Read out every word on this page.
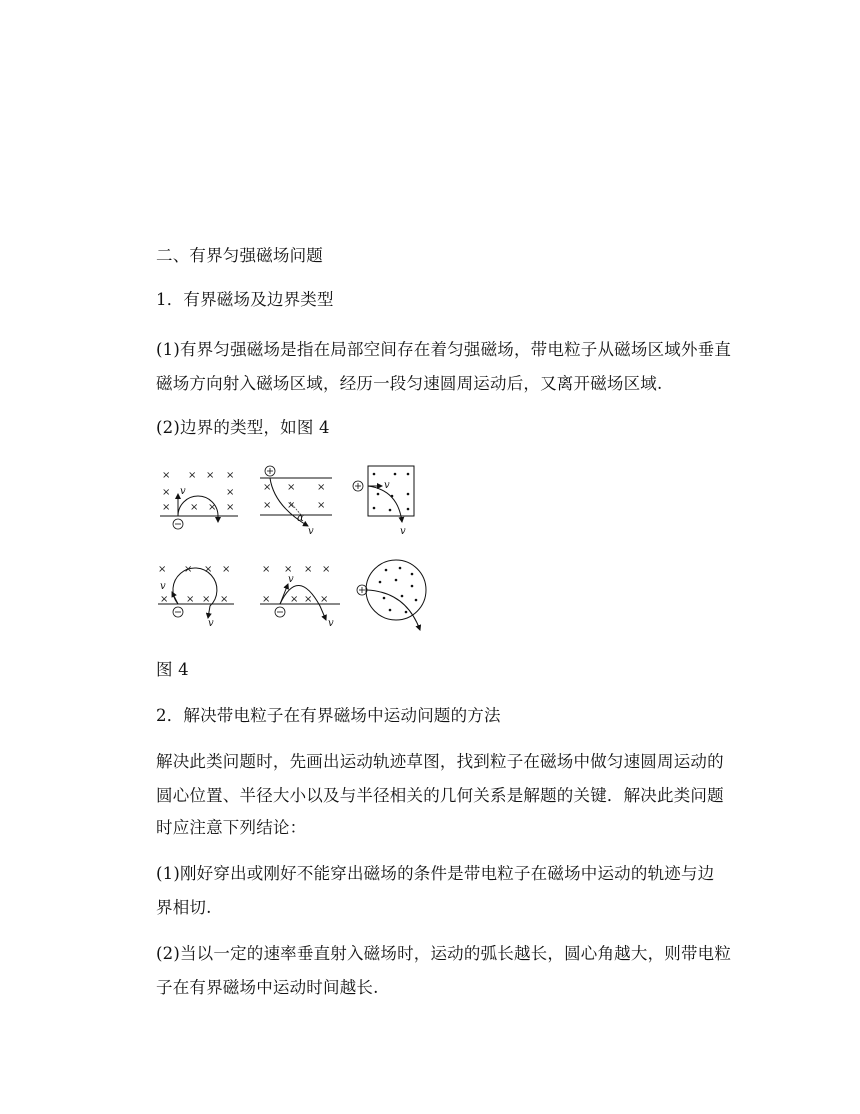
二、有界匀强磁场问题
1．有界磁场及边界类型
(1)有界匀强磁场是指在局部空间存在着匀强磁场，带电粒子从磁场区域外垂直
磁场方向射入磁场区域，经历一段匀速圆周运动后，又离开磁场区域.
(2)边界的类型，如图 4
× × × ×
×	×
× × × ×
v	× × ×
× × ×
α
v
v
v
× × × ×
× × × ×
v
v
× × × ×
× × × ×
v
v
图 4
2．解决带电粒子在有界磁场中运动问题的方法
解决此类问题时，先画出运动轨迹草图，找到粒子在磁场中做匀速圆周运动的
圆心位置、半径大小以及与半径相关的几何关系是解题的关键．解决此类问题
时应注意下列结论：
(1)刚好穿出或刚好不能穿出磁场的条件是带电粒子在磁场中运动的轨迹与边
界相切.
(2)当以一定的速率垂直射入磁场时，运动的弧长越长，圆心角越大，则带电粒
子在有界磁场中运动时间越长.
